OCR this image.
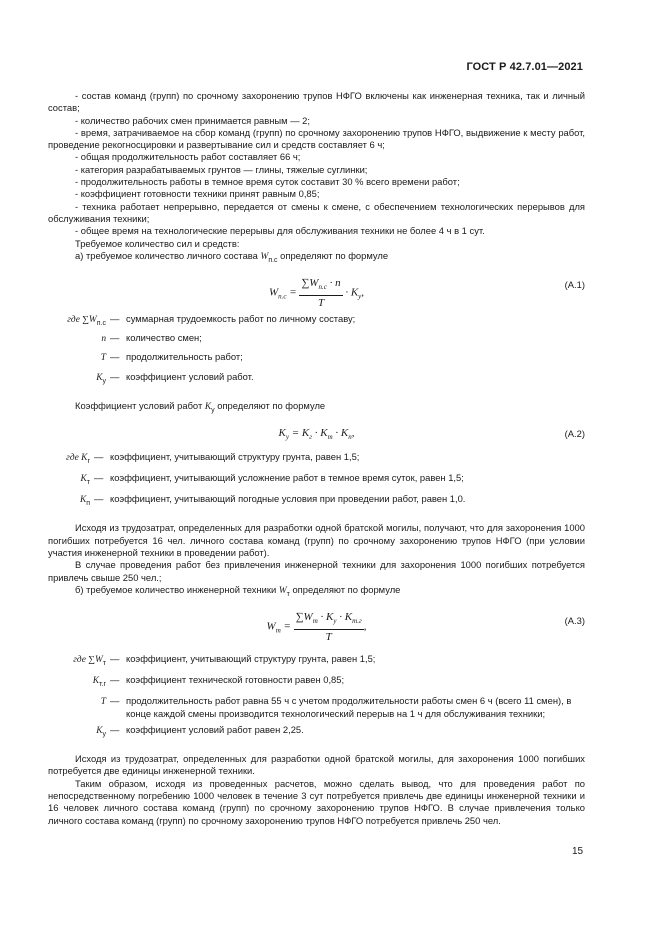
ГОСТ Р 42.7.01—2021

- состав команд (групп) по срочному захоронению трупов НФГО включены как инженерная техника, так и личный состав;

- количество рабочих смен принимается равным — 2;

- время, затрачиваемое на сбор команд (групп) по срочному захоронению трупов НФГО, выдвижение к месту работ, проведение рекогносцировки и развертывание сил и средств составляет 6 ч;

- общая продолжительность работ составляет 66 ч;

- категория разрабатываемых грунтов — глины, тяжелые суглинки;

- продолжительность работы в темное время суток составит 30 % всего времени работ;

- коэффициент готовности техники принят равным 0,85;

- техника работает непрерывно, передается от смены к смене, с обеспечением технологических перерывов для обслуживания техники;

- общее время на технологические перерывы для обслуживания техники не более 4 ч в 1 сут.

Требуемое количество сил и средств:

а) требуемое количество личного состава $W_{п.с}$ определяют по формуле

$W_{п.с} = \frac{\sum W_{п.с} \cdot n}{T} \cdot K_у$,
(А.1)
где $\sum W_{п.с}$ — суммарная трудоемкость работ по личному составу;
n — количество смен;
T — продолжительность работ;
$K_у$ — коэффициент условий работ.

Коэффициент условий работ $K_у$ определяют по формуле

$K_у = K_г \cdot K_т \cdot K_п$,	(А.2)
где $K_г$ — коэффициент, учитывающий структуру грунта, равен 1,5;
$K_т$ — коэффициент, учитывающий усложнение работ в темное время суток, равен 1,5;
$K_п$ — коэффициент, учитывающий погодные условия при проведении работ, равен 1,0.

Исходя из трудозатрат, определенных для разработки одной братской могилы, получают, что для захоронения 1000 погибших потребуется 16 чел. личного состава команд (групп) по срочному захоронению трупов НФГО (при условии участия инженерной техники в проведении работ).

В случае проведения работ без привлечения инженерной техники для захоронения 1000 погибших потребуется привлечь свыше 250 чел.;

б) требуемое количество инженерной техники $W_т$ определяют по формуле

$W_т = \frac{\sum W_т \cdot K_у \cdot K_{т.г}}{T}$ ,	(А.3)
где $\sum W_т$ — коэффициент, учитывающий структуру грунта, равен 1,5;
$K_{т.г}$ — коэффициент технической готовности равен 0,85;
T — продолжительность работ равна 55 ч с учетом продолжительности работы смен 6 ч (всего 11 смен), в конце каждой смены производится технологический перерыв на 1 ч для обслуживания техники;
$K_у$ — коэффициент условий работ равен 2,25.

Исходя из трудозатрат, определенных для разработки одной братской могилы, для захоронения 1000 погибших потребуется две единицы инженерной техники.

Таким образом, исходя из проведенных расчетов, можно сделать вывод, что для проведения работ по непосредственному погребению 1000 человек в течение 3 сут потребуется привлечь две единицы инженерной техники и 16 человек личного состава команд (групп) по срочному захоронению трупов НФГО. В случае привлечения только личного состава команд (групп) по срочному захоронению трупов НФГО потребуется привлечь 250 чел.

15
